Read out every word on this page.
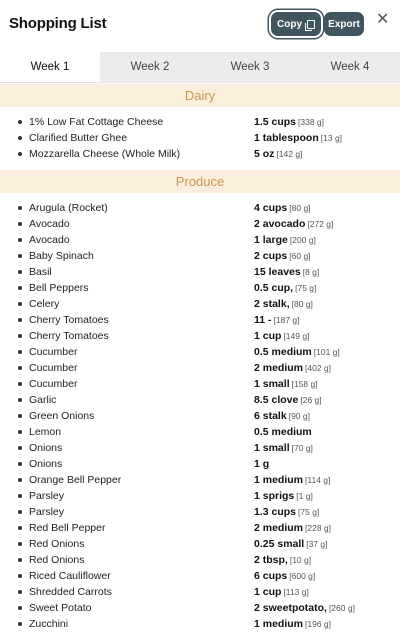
Shopping List	Copy	Export ✕
Week 1	Week 2	Week 3	Week 4
Dairy
1% Low Fat Cottage Cheese	1.5 cups [338 g]
Clarified Butter Ghee	1 tablespoon [13 g]
Mozzarella Cheese (Whole Milk)	5 oz [142 g]
Produce
Arugula (Rocket)	4 cups [80 g]
Avocado	2 avocado [272 g]
Avocado	1 large [200 g]
Baby Spinach	2 cups [60 g]
Basil	15 leaves [8 g]
Bell Peppers	0.5 cup, [75 g]
Celery	2 stalk, [80 g]
Cherry Tomatoes	11 - [187 g]
Cherry Tomatoes	1 cup [149 g]
Cucumber	0.5 medium [101 g]
Cucumber	2 medium [402 g]
Cucumber	1 small [158 g]
Garlic	8.5 clove [26 g]
Green Onions	6 stalk [90 g]
Lemon	0.5 medium
Onions	1 small [70 g]
Onions	1 g
Orange Bell Pepper	1 medium [114 g]
Parsley	1 sprigs [1 g]
Parsley	1.3 cups [75 g]
Red Bell Pepper	2 medium [228 g]
Red Onions	0.25 small [37 g]
Red Onions	2 tbsp, [10 g]
Riced Cauliflower	6 cups [600 g]
Shredded Carrots	1 cup [113 g]
Sweet Potato	2 sweetpotato, [260 g]
Zucchini	1 medium [196 g]
